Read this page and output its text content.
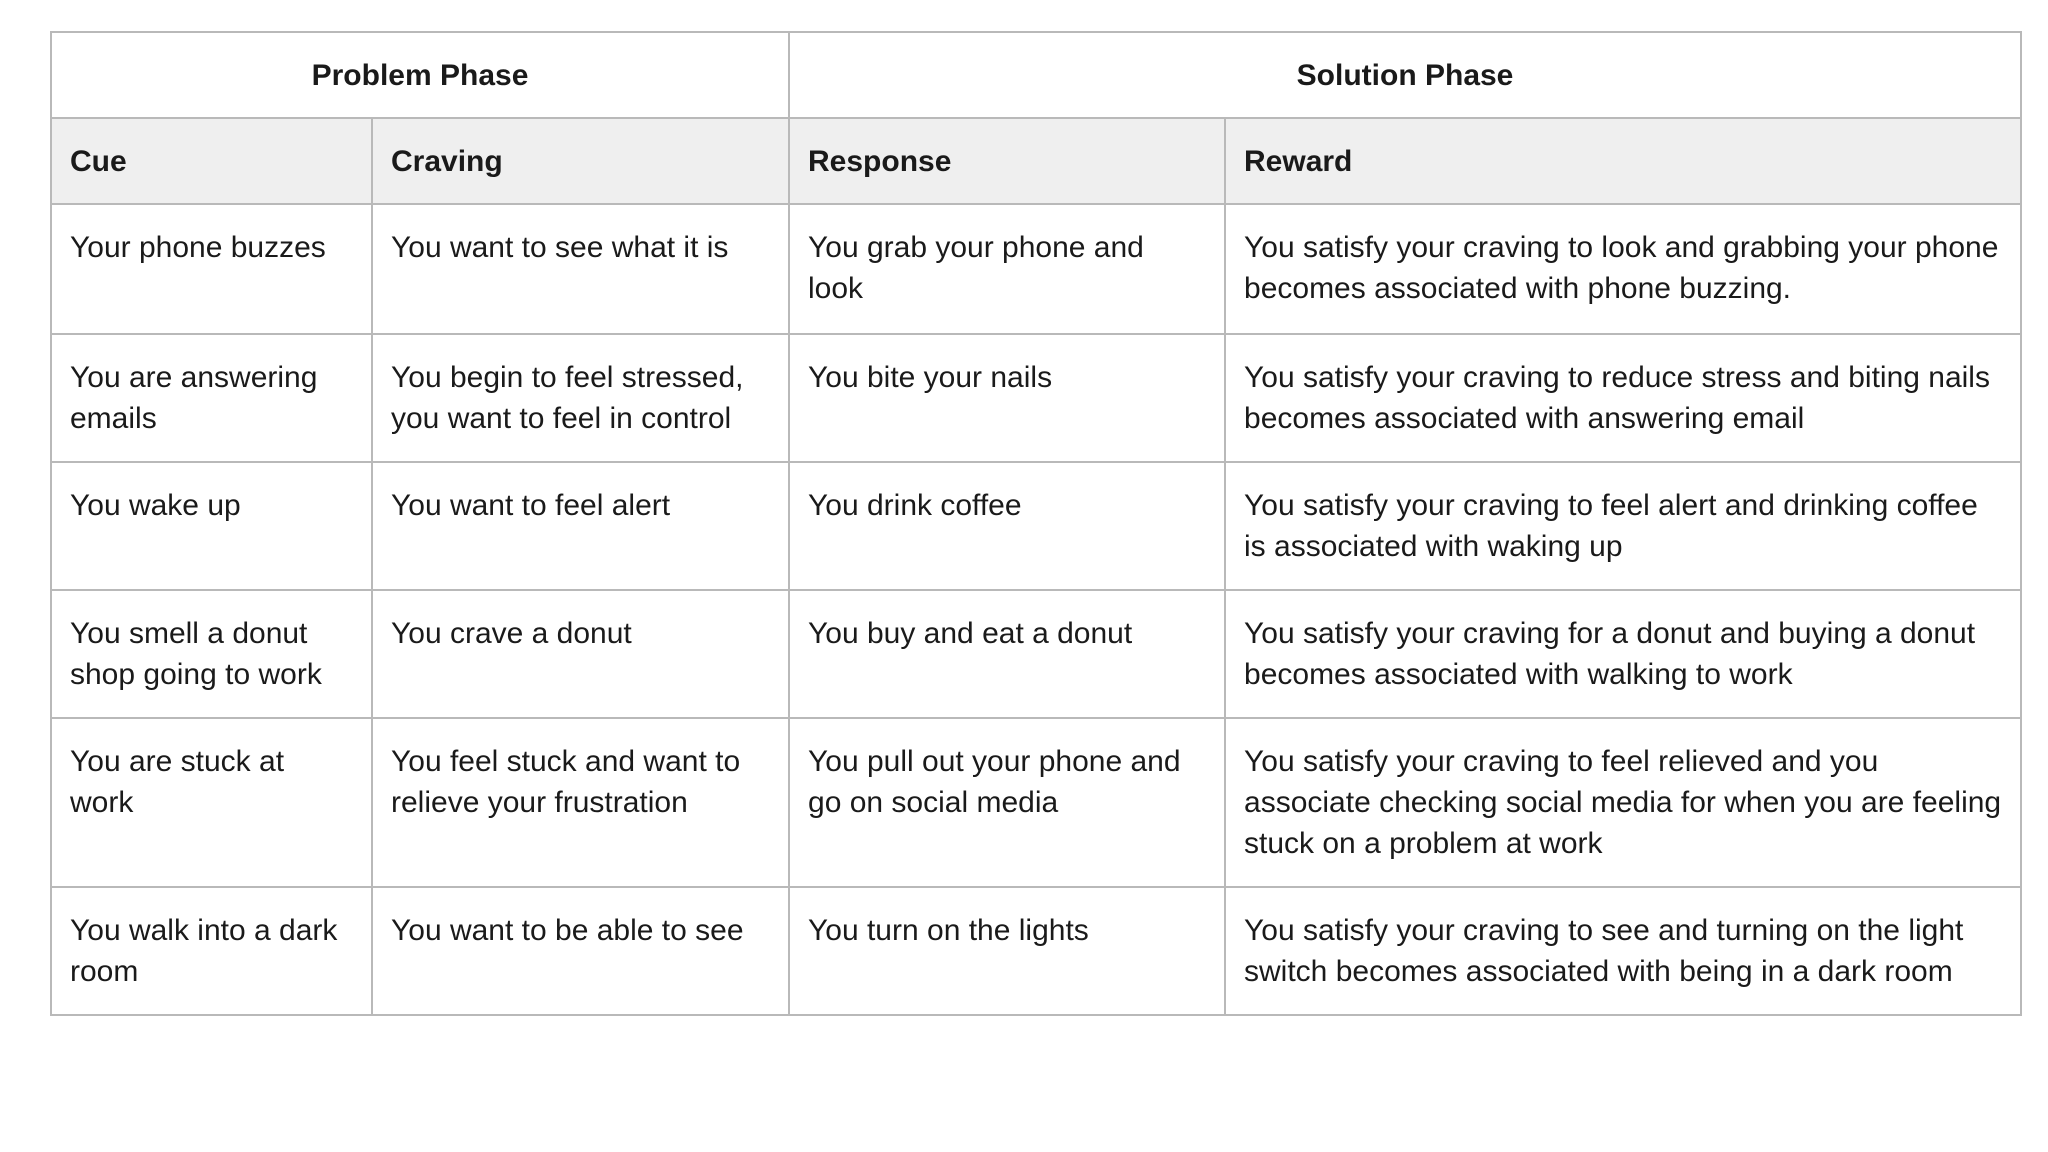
Problem Phase		Solution Phase	
Cue	Craving	Response	Reward
Your phone buzzes	You want to see what it is	You grab your phone and look	You satisfy your craving to look and grabbing your phone becomes associated with phone buzzing.
You are answering emails	You begin to feel stressed, you want to feel in control	You bite your nails	You satisfy your craving to reduce stress and biting nails becomes associated with answering email
You wake up	You want to feel alert	You drink coffee	You satisfy your craving to feel alert and drinking coffee is associated with waking up
You smell a donut shop going to work	You crave a donut	You buy and eat a donut	You satisfy your craving for a donut and buying a donut becomes associated with walking to work
You are stuck at work	You feel stuck and want to relieve your frustration	You pull out your phone and go on social media	You satisfy your craving to feel relieved and you associate checking social media for when you are feeling stuck on a problem at work
You walk into a dark room	You want to be able to see	You turn on the lights	You satisfy your craving to see and turning on the light switch becomes associated with being in a dark room
